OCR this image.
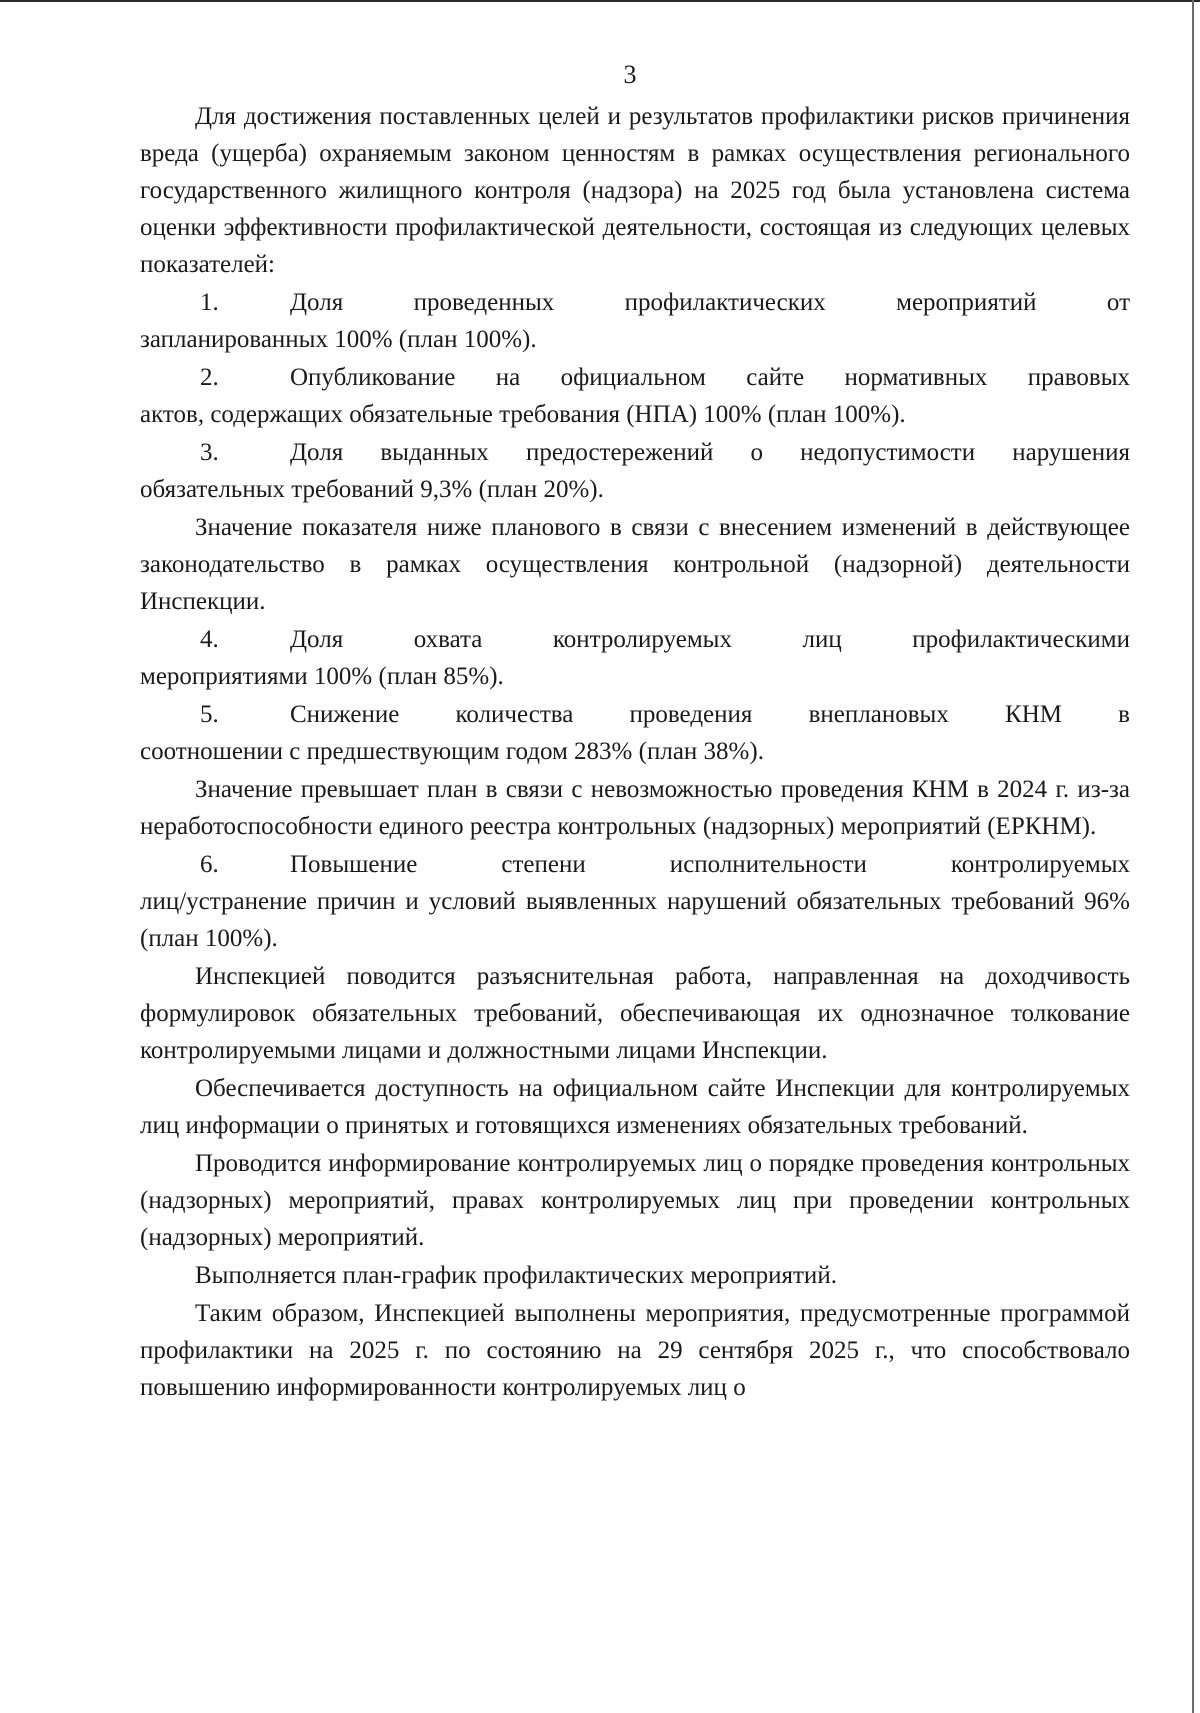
3

Для достижения поставленных целей и результатов профилактики рисков причинения вреда (ущерба) охраняемым законом ценностям в рамках осуществления регионального государственного жилищного контроля (надзора) на 2025 год была установлена система оценки эффективности профилактической деятельности, состоящая из следующих целевых показателей:

1.	Доля проведенных профилактических мероприятий от
запланированных 100% (план 100%).
2.	Опубликование на официальном сайте нормативных правовых
актов, содержащих обязательные требования (НПА) 100% (план 100%).
3.	Доля выданных предостережений о недопустимости нарушения
обязательных требований 9,3% (план 20%).

Значение показателя ниже планового в связи с внесением изменений в действующее законодательство в рамках осуществления контрольной (надзорной) деятельности Инспекции.

4.	Доля охвата контролируемых лиц профилактическими
мероприятиями 100% (план 85%).
5.	Снижение количества проведения внеплановых КНМ в
соотношении с предшествующим годом 283% (план 38%).

Значение превышает план в связи с невозможностью проведения КНМ в 2024 г. из-за неработоспособности единого реестра контрольных (надзорных) мероприятий (ЕРКНМ).

6.	Повышение степени исполнительности контролируемых
лиц/устранение причин и условий выявленных нарушений обязательных требований 96% (план 100%).

Инспекцией поводится разъяснительная работа, направленная на доходчивость формулировок обязательных требований, обеспечивающая их однозначное толкование контролируемыми лицами и должностными лицами Инспекции.

Обеспечивается доступность на официальном сайте Инспекции для контролируемых лиц информации о принятых и готовящихся изменениях обязательных требований.

Проводится информирование контролируемых лиц о порядке проведения контрольных (надзорных) мероприятий, правах контролируемых лиц при проведении контрольных (надзорных) мероприятий.

Выполняется план-график профилактических мероприятий.

Таким образом, Инспекцией выполнены мероприятия, предусмотренные программой профилактики на 2025 г. по состоянию на 29 сентября 2025 г., что способствовало повышению информированности контролируемых лиц о
